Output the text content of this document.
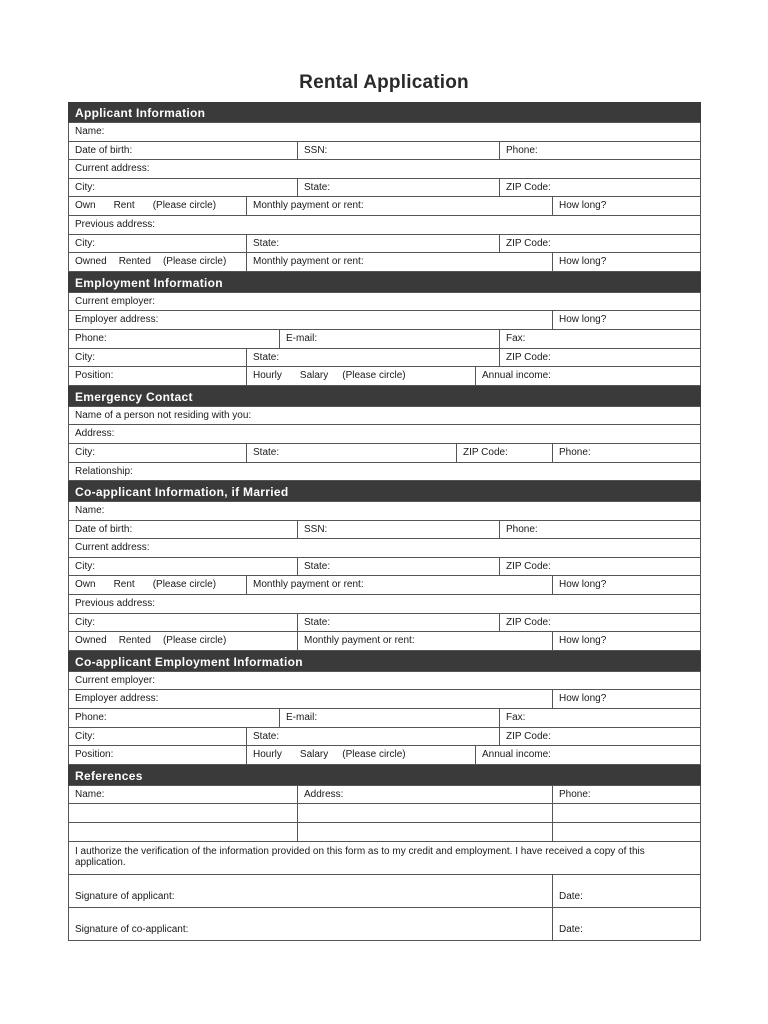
Rental Application
Applicant Information
Name:
Date of birth:	SSN:	Phone:
Current address:
City:	State:	ZIP Code:
Own Rent (Please circle)	Monthly payment or rent:	How long?
Previous address:
City:	State:	ZIP Code:
Owned Rented (Please circle)	Monthly payment or rent:	How long?
Employment Information
Current employer:
Employer address:	How long?
Phone:	E-mail:	Fax:
City:	State:	ZIP Code:
Position:	Hourly Salary (Please circle)	Annual income:
Emergency Contact
Name of a person not residing with you:
Address:
City:	State:	ZIP Code:	Phone:
Relationship:
Co-applicant Information, if Married
Name:
Date of birth:	SSN:	Phone:
Current address:
City:	State:	ZIP Code:
Own Rent (Please circle)	Monthly payment or rent:	How long?
Previous address:
City:	State:	ZIP Code:
Owned Rented (Please circle)	Monthly payment or rent:	How long?
Co-applicant Employment Information
Current employer:
Employer address:	How long?
Phone:	E-mail:	Fax:
City:	State:	ZIP Code:
Position:	Hourly Salary (Please circle)	Annual income:
References
Name:	Address:	Phone:
I authorize the verification of the information provided on this form as to my credit and employment. I have received a copy of this application.
Signature of applicant:	Date:
Signature of co-applicant:	Date:
